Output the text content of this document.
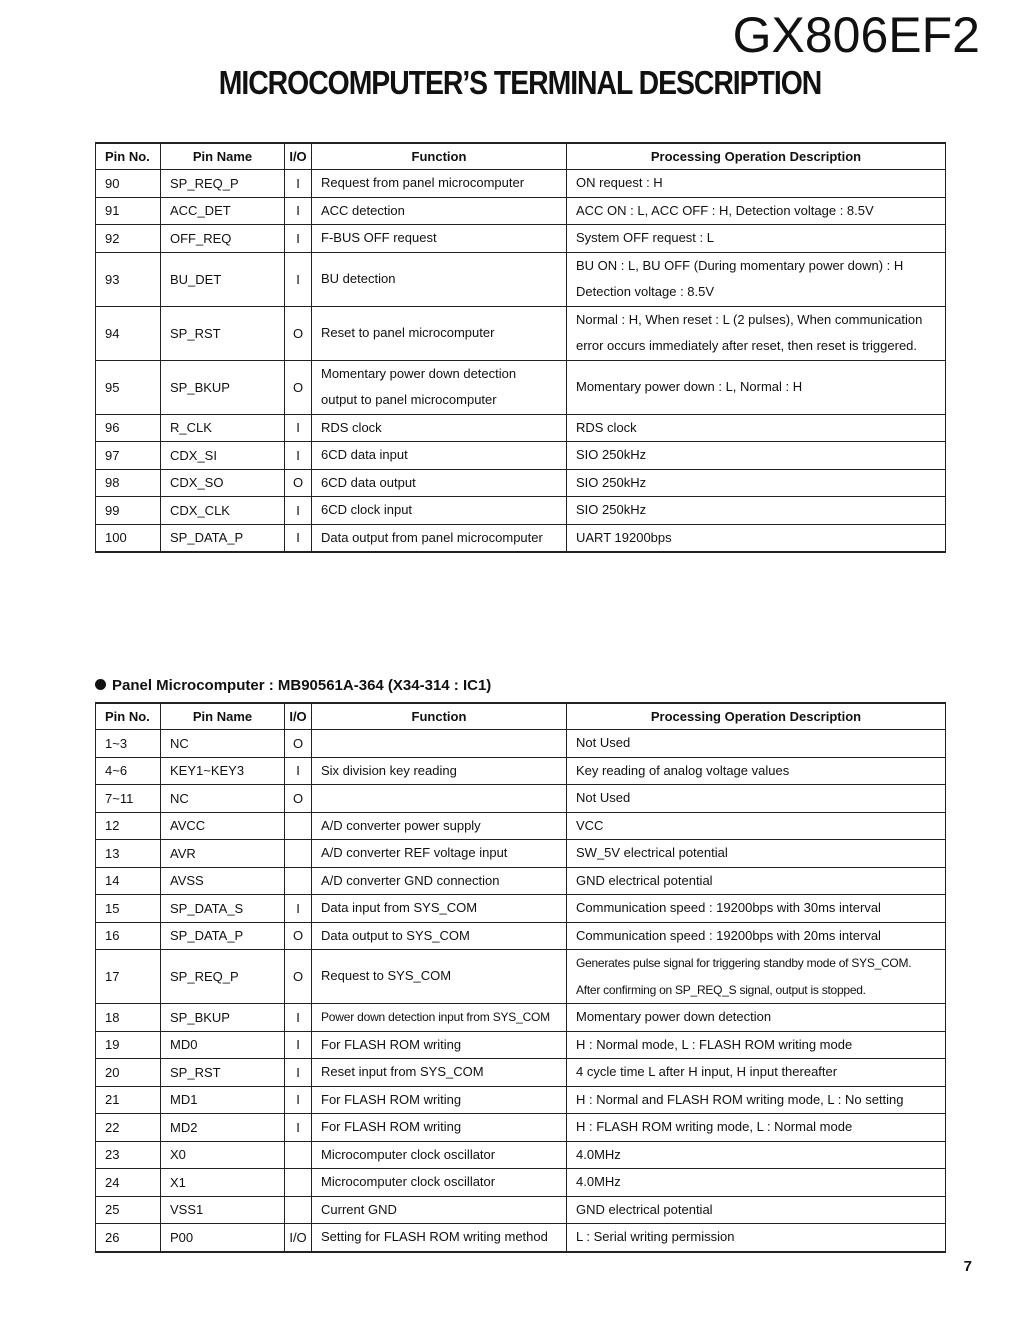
GX806EF2
MICROCOMPUTER’S TERMINAL DESCRIPTION
Pin No.	Pin Name	I/O	Function	Processing Operation Description
90	SP_REQ_P	I	Request from panel microcomputer	ON request : H

91	ACC_DET	I	ACC detection	ACC ON : L, ACC OFF : H, Detection voltage : 8.5V

92	OFF_REQ	I	F-BUS OFF request	System OFF request : L

93	BU_DET	I	BU detection	BU ON : L, BU OFF (During momentary power down) : H
Detection voltage : 8.5V

94	SP_RST	O	Reset to panel microcomputer	Normal : H, When reset : L (2 pulses), When communication
error occurs immediately after reset, then reset is triggered.

95	SP_BKUP	O	Momentary power down detection
output to panel microcomputer	Momentary power down : L, Normal : H

96	R_CLK	I	RDS clock	RDS clock

97	CDX_SI	I	6CD data input	SIO 250kHz

98	CDX_SO	O	6CD data output	SIO 250kHz

99	CDX_CLK	I	6CD clock input	SIO 250kHz

100	SP_DATA_P	I	Data output from panel microcomputer	UART 19200bps
Panel Microcomputer : MB90561A-364 (X34-314 : IC1)
Pin No.	Pin Name	I/O	Function	Processing Operation Description
1~3	NC	O		Not Used

4~6	KEY1~KEY3	I	Six division key reading	Key reading of analog voltage values

7~11	NC	O		Not Used

12	AVCC		A/D converter power supply	VCC

13	AVR		A/D converter REF voltage input	SW_5V electrical potential

14	AVSS		A/D converter GND connection	GND electrical potential

15	SP_DATA_S	I	Data input from SYS_COM	Communication speed : 19200bps with 30ms interval

16	SP_DATA_P	O	Data output to SYS_COM	Communication speed : 19200bps with 20ms interval

17	SP_REQ_P	O	Request to SYS_COM	Generates pulse signal for triggering standby mode of SYS_COM.
After confirming on SP_REQ_S signal, output is stopped.

18	SP_BKUP	I	Power down detection input from SYS_COM	Momentary power down detection

19	MD0	I	For FLASH ROM writing	H : Normal mode, L : FLASH ROM writing mode

20	SP_RST	I	Reset input from SYS_COM	4 cycle time L after H input, H input thereafter

21	MD1	I	For FLASH ROM writing	H : Normal and FLASH ROM writing mode, L : No setting

22	MD2	I	For FLASH ROM writing	H : FLASH ROM writing mode, L : Normal mode

23	X0		Microcomputer clock oscillator	4.0MHz

24	X1		Microcomputer clock oscillator	4.0MHz

25	VSS1		Current GND	GND electrical potential

26	P00	I/O	Setting for FLASH ROM writing method	L : Serial writing permission
7
